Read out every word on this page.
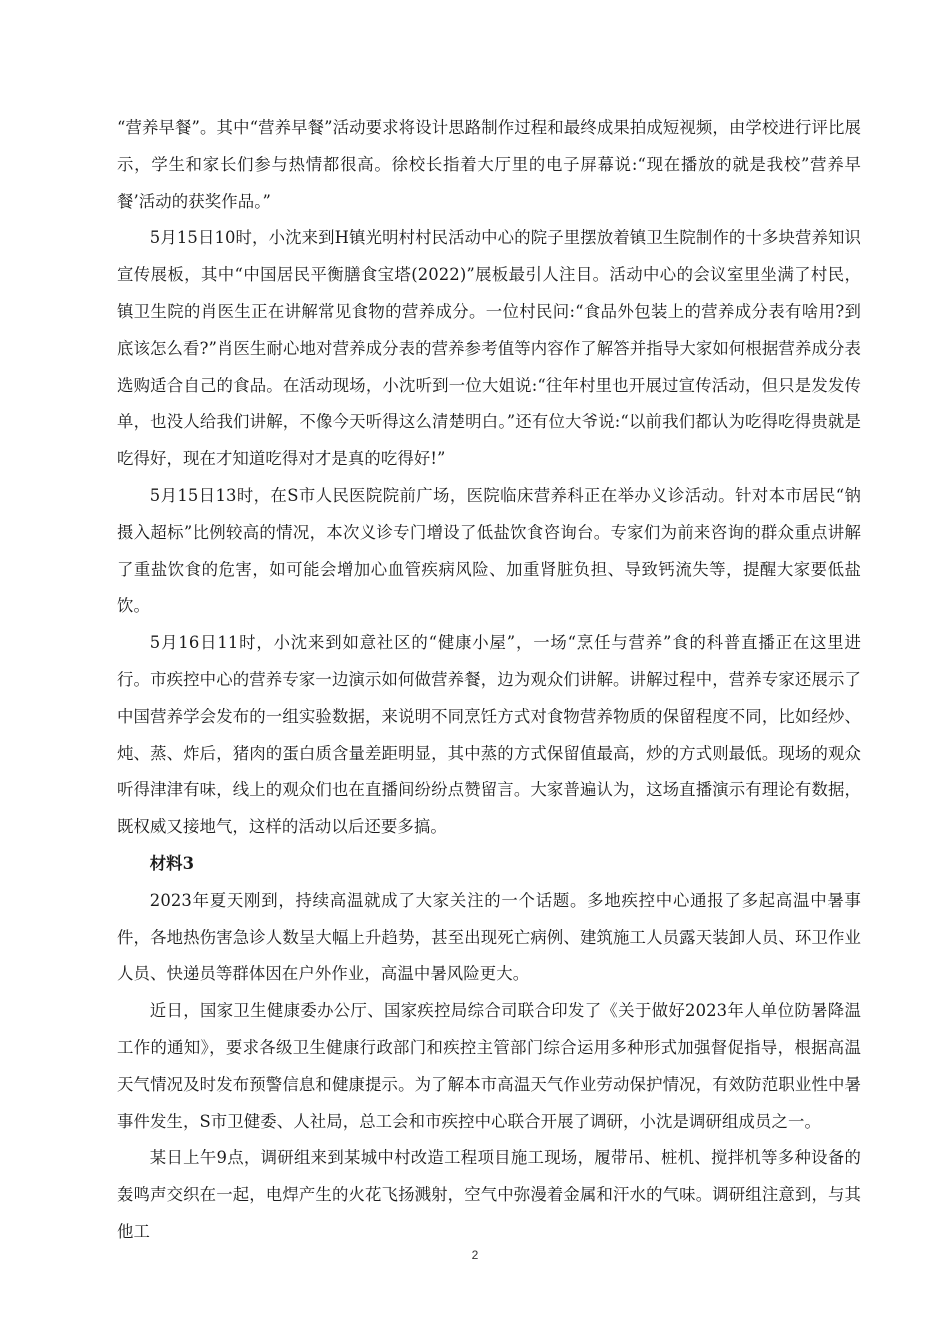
“营养早餐”。其中“营养早餐”活动要求将设计思路制作过程和最终成果拍成短视频，由学校进行评比展示，学生和家长们参与热情都很高。徐校长指着大厅里的电子屏幕说:“现在播放的就是我校”营养早餐’活动的获奖作品。”

5月15日10时，小沈来到H镇光明村村民活动中心的院子里摆放着镇卫生院制作的十多块营养知识宣传展板，其中“中国居民平衡膳食宝塔(2022)”展板最引人注目。活动中心的会议室里坐满了村民，镇卫生院的肖医生正在讲解常见食物的营养成分。一位村民问:“食品外包装上的营养成分表有啥用?到底该怎么看?”肖医生耐心地对营养成分表的营养参考值等内容作了解答并指导大家如何根据营养成分表选购适合自己的食品。在活动现场，小沈听到一位大姐说:“往年村里也开展过宣传活动，但只是发发传单，也没人给我们讲解，不像今天听得这么清楚明白。”还有位大爷说:“以前我们都认为吃得吃得贵就是吃得好，现在才知道吃得对才是真的吃得好!”

5月15日13时，在S市人民医院院前广场，医院临床营养科正在举办义诊活动。针对本市居民“钠摄入超标”比例较高的情况，本次义诊专门增设了低盐饮食咨询台。专家们为前来咨询的群众重点讲解了重盐饮食的危害，如可能会增加心血管疾病风险、加重肾脏负担、导致钙流失等，提醒大家要低盐饮。

5月16日11时，小沈来到如意社区的“健康小屋”，一场“烹任与营养”食的科普直播正在这里进行。市疾控中心的营养专家一边演示如何做营养餐，边为观众们讲解。讲解过程中，营养专家还展示了中国营养学会发布的一组实验数据，来说明不同烹饪方式对食物营养物质的保留程度不同，比如经炒、炖、蒸、炸后，猪肉的蛋白质含量差距明显，其中蒸的方式保留值最高，炒的方式则最低。现场的观众听得津津有味，线上的观众们也在直播间纷纷点赞留言。大家普遍认为，这场直播演示有理论有数据，既权威又接地气，这样的活动以后还要多搞。

材料3

2023年夏天刚到，持续高温就成了大家关注的一个话题。多地疾控中心通报了多起高温中暑事件，各地热伤害急诊人数呈大幅上升趋势，甚至出现死亡病例、建筑施工人员露天装卸人员、环卫作业人员、快递员等群体因在户外作业，高温中暑风险更大。

近日，国家卫生健康委办公厅、国家疾控局综合司联合印发了《关于做好2023年人单位防暑降温工作的通知》，要求各级卫生健康行政部门和疾控主管部门综合运用多种形式加强督促指导，根据高温天气情况及时发布预警信息和健康提示。为了解本市高温天气作业劳动保护情况，有效防范职业性中暑事件发生，S市卫健委、人社局，总工会和市疾控中心联合开展了调研，小沈是调研组成员之一。

某日上午9点，调研组来到某城中村改造工程项目施工现场，履带吊、桩机、搅拌机等多种设备的轰鸣声交织在一起，电焊产生的火花飞扬溅射，空气中弥漫着金属和汗水的气味。调研组注意到，与其他工

2
